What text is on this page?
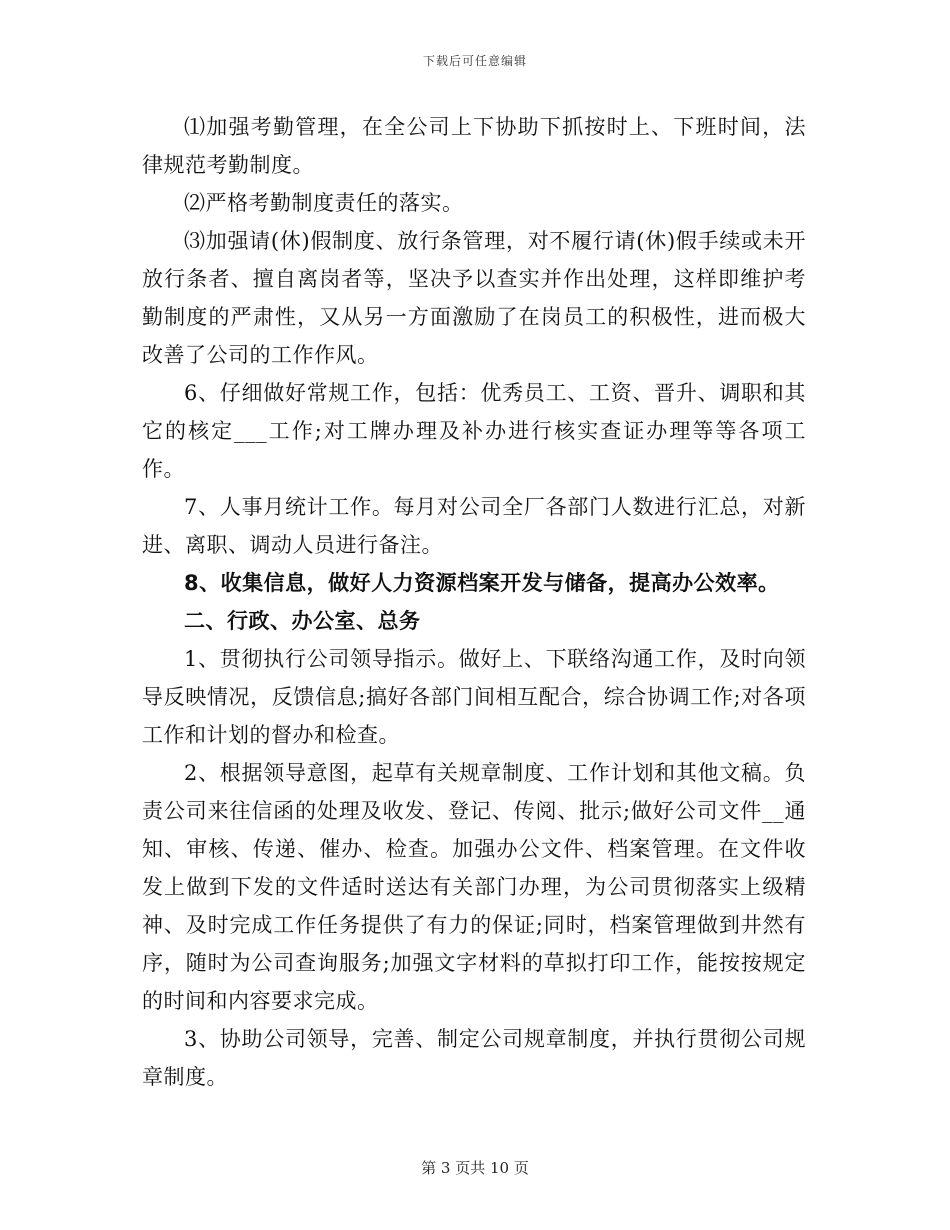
下载后可任意编辑

⑴加强考勤管理，在全公司上下协助下抓按时上、下班时间，法律规范考勤制度。

⑵严格考勤制度责任的落实。

⑶加强请(休)假制度、放行条管理，对不履行请(休)假手续或未开放行条者、擅自离岗者等，坚决予以查实并作出处理，这样即维护考勤制度的严肃性，又从另一方面激励了在岗员工的积极性，进而极大改善了公司的工作作风。

6、仔细做好常规工作，包括：优秀员工、工资、晋升、调职和其它的核定___工作;对工牌办理及补办进行核实查证办理等等各项工作。

7、人事月统计工作。每月对公司全厂各部门人数进行汇总，对新进、离职、调动人员进行备注。

8、收集信息，做好人力资源档案开发与储备，提高办公效率。

二、行政、办公室、总务

1、贯彻执行公司领导指示。做好上、下联络沟通工作，及时向领导反映情况，反馈信息;搞好各部门间相互配合，综合协调工作;对各项工作和计划的督办和检查。

2、根据领导意图，起草有关规章制度、工作计划和其他文稿。负责公司来往信函的处理及收发、登记、传阅、批示;做好公司文件__通知、审核、传递、催办、检查。加强办公文件、档案管理。在文件收发上做到下发的文件适时送达有关部门办理，为公司贯彻落实上级精神、及时完成工作任务提供了有力的保证;同时，档案管理做到井然有序，随时为公司查询服务;加强文字材料的草拟打印工作，能按按规定的时间和内容要求完成。

3、协助公司领导，完善、制定公司规章制度，并执行贯彻公司规章制度。

第 3 页共 10 页
